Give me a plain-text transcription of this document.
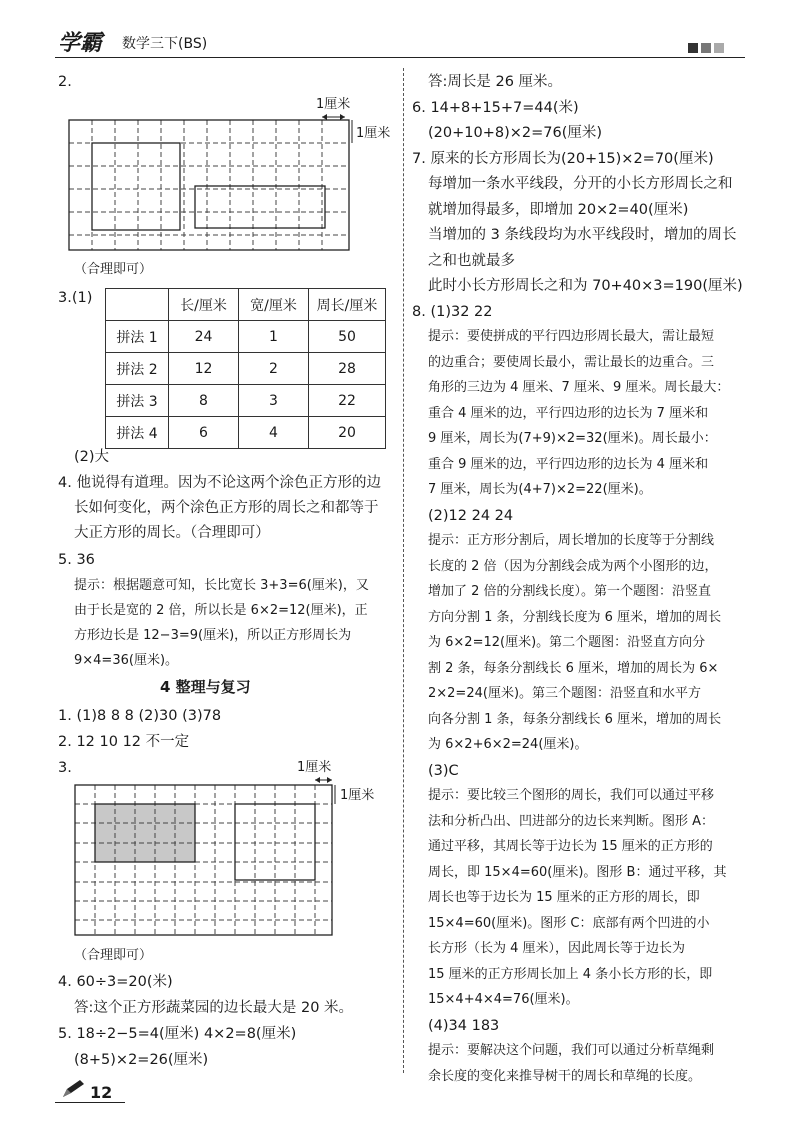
学霸 数学三下(BS)
2.
1厘米
1厘米
（合理即可）
3.(1)
		长/厘米	宽/厘米	周长/厘米
拼法 1	24	1	50
拼法 2	12	2	28
拼法 3	8	3	22
拼法 4	6	4	20
(2)大
4. 他说得有道理。因为不论这两个涂色正方形的边
长如何变化，两个涂色正方形的周长之和都等于
大正方形的周长。（合理即可）
5. 36
提示：根据题意可知，长比宽长 3+3=6(厘米)，又
由于长是宽的 2 倍，所以长是 6×2=12(厘米)，正
方形边长是 12−3=9(厘米)，所以正方形周长为
9×4=36(厘米)。
4 整理与复习
1. (1)8 8 8 (2)30 (3)78
2. 12 10 12 不一定
3.	1厘米
1厘米
（合理即可）
4. 60÷3=20(米)
答:这个正方形蔬菜园的边长最大是 20 米。
5. 18÷2−5=4(厘米) 4×2=8(厘米)
(8+5)×2=26(厘米)
答:周长是 26 厘米。
6. 14+8+15+7=44(米)
(20+10+8)×2=76(厘米)
7. 原来的长方形周长为(20+15)×2=70(厘米)
每增加一条水平线段，分开的小长方形周长之和
就增加得最多，即增加 20×2=40(厘米)
当增加的 3 条线段均为水平线段时，增加的周长
之和也就最多
此时小长方形周长之和为 70+40×3=190(厘米)
8. (1)32 22
提示：要使拼成的平行四边形周长最大，需让最短
的边重合；要使周长最小，需让最长的边重合。三
角形的三边为 4 厘米、7 厘米、9 厘米。周长最大：
重合 4 厘米的边，平行四边形的边长为 7 厘米和
9 厘米，周长为(7+9)×2=32(厘米)。周长最小：
重合 9 厘米的边，平行四边形的边长为 4 厘米和
7 厘米，周长为(4+7)×2=22(厘米)。
(2)12 24 24
提示：正方形分割后，周长增加的长度等于分割线
长度的 2 倍（因为分割线会成为两个小图形的边，
增加了 2 倍的分割线长度）。第一个题图：沿竖直
方向分割 1 条，分割线长度为 6 厘米，增加的周长
为 6×2=12(厘米)。第二个题图：沿竖直方向分
割 2 条，每条分割线长 6 厘米，增加的周长为 6×
2×2=24(厘米)。第三个题图：沿竖直和水平方
向各分割 1 条，每条分割线长 6 厘米，增加的周长
为 6×2+6×2=24(厘米)。
(3)C
提示：要比较三个图形的周长，我们可以通过平移
法和分析凸出、凹进部分的边长来判断。图形 A：
通过平移，其周长等于边长为 15 厘米的正方形的
周长，即 15×4=60(厘米)。图形 B：通过平移，其
周长也等于边长为 15 厘米的正方形的周长，即
15×4=60(厘米)。图形 C：底部有两个凹进的小
长方形（长为 4 厘米），因此周长等于边长为
15 厘米的正方形周长加上 4 条小长方形的长，即
15×4+4×4=76(厘米)。
(4)34 183
提示：要解决这个问题，我们可以通过分析草绳剩
余长度的变化来推导树干的周长和草绳的长度。
12
